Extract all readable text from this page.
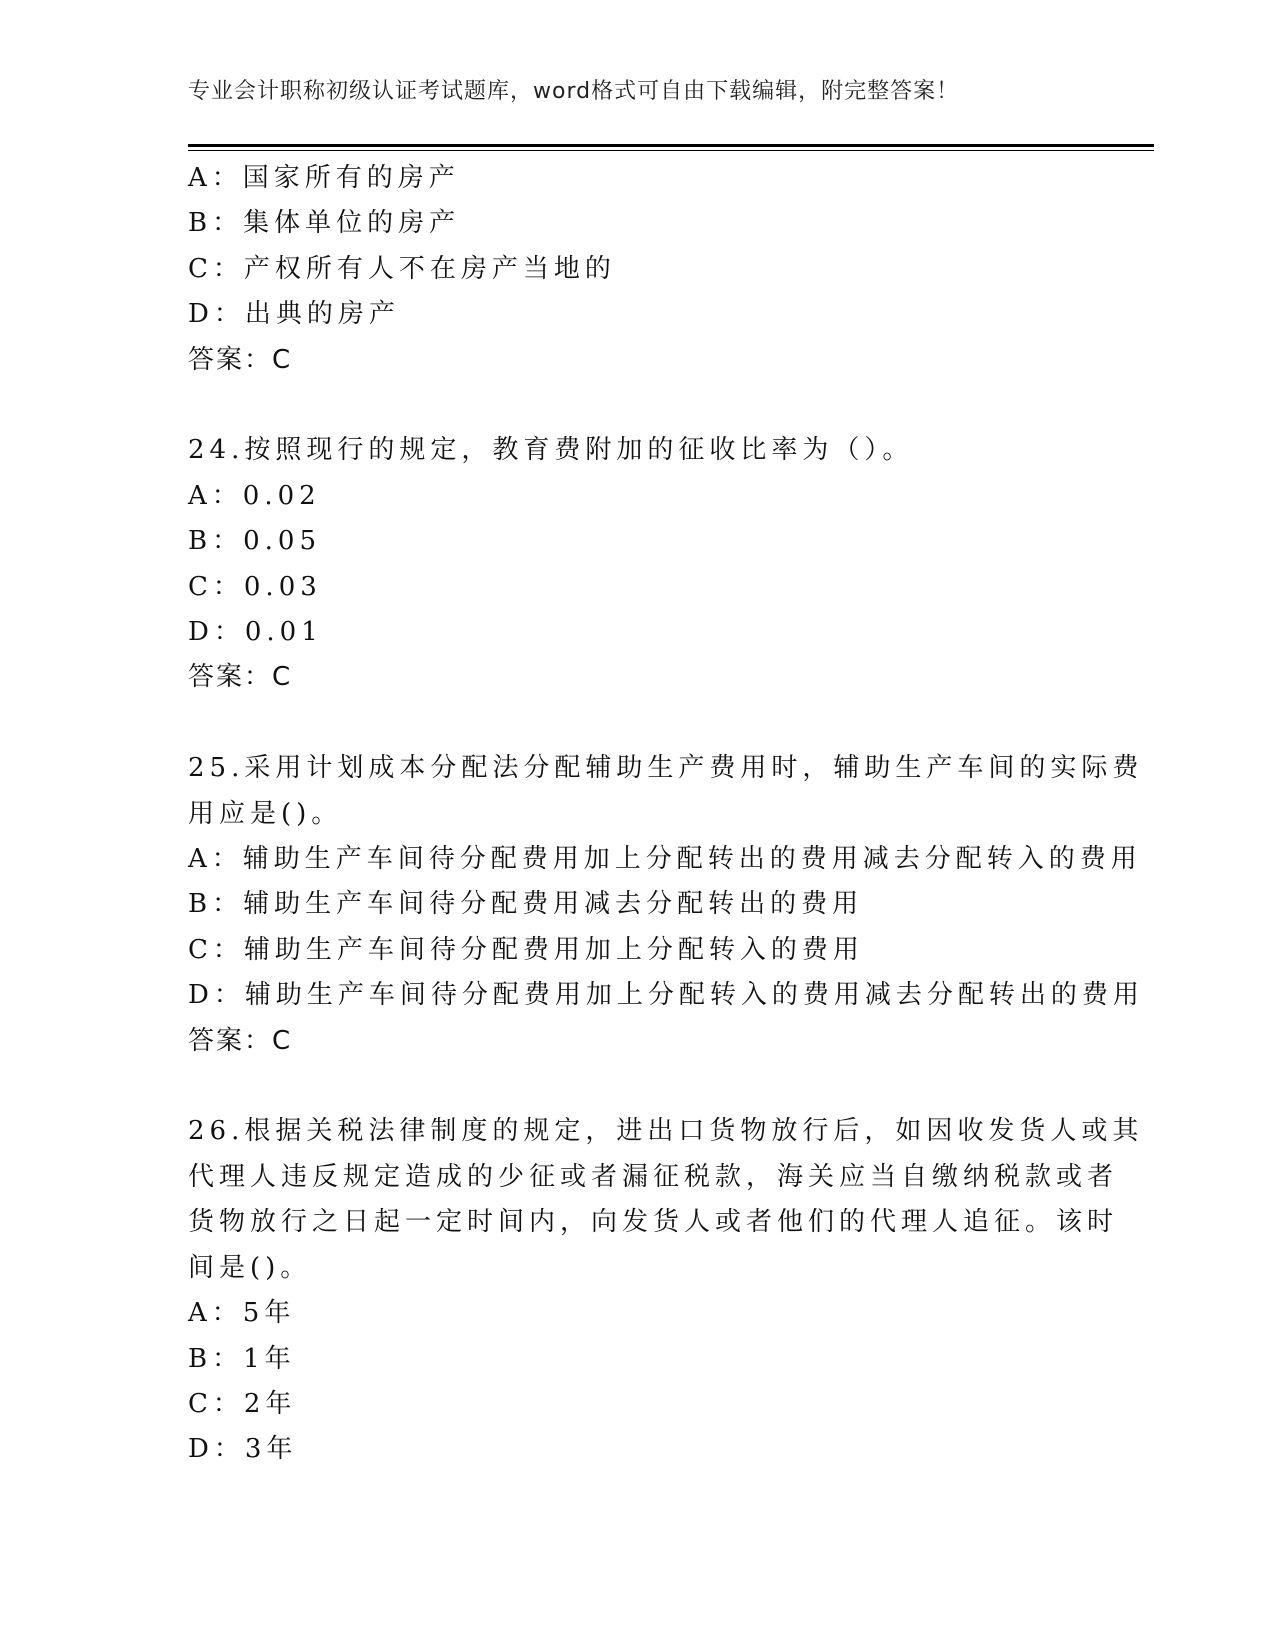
专业会计职称初级认证考试题库，word格式可自由下载编辑，附完整答案！
A：国家所有的房产
B：集体单位的房产
C：产权所有人不在房产当地的
D：出典的房产
答案：C
24.按照现行的规定，教育费附加的征收比率为（）。
A：0.02
B：0.05
C：0.03
D：0.01
答案：C
25.采用计划成本分配法分配辅助生产费用时，辅助生产车间的实际费
用应是()。
A：辅助生产车间待分配费用加上分配转出的费用减去分配转入的费用
B：辅助生产车间待分配费用减去分配转出的费用
C：辅助生产车间待分配费用加上分配转入的费用
D：辅助生产车间待分配费用加上分配转入的费用减去分配转出的费用
答案：C
26.根据关税法律制度的规定，进出口货物放行后，如因收发货人或其
代理人违反规定造成的少征或者漏征税款，海关应当自缴纳税款或者
货物放行之日起一定时间内，向发货人或者他们的代理人追征。该时
间是()。
A：5年
B：1年
C：2年
D：3年
